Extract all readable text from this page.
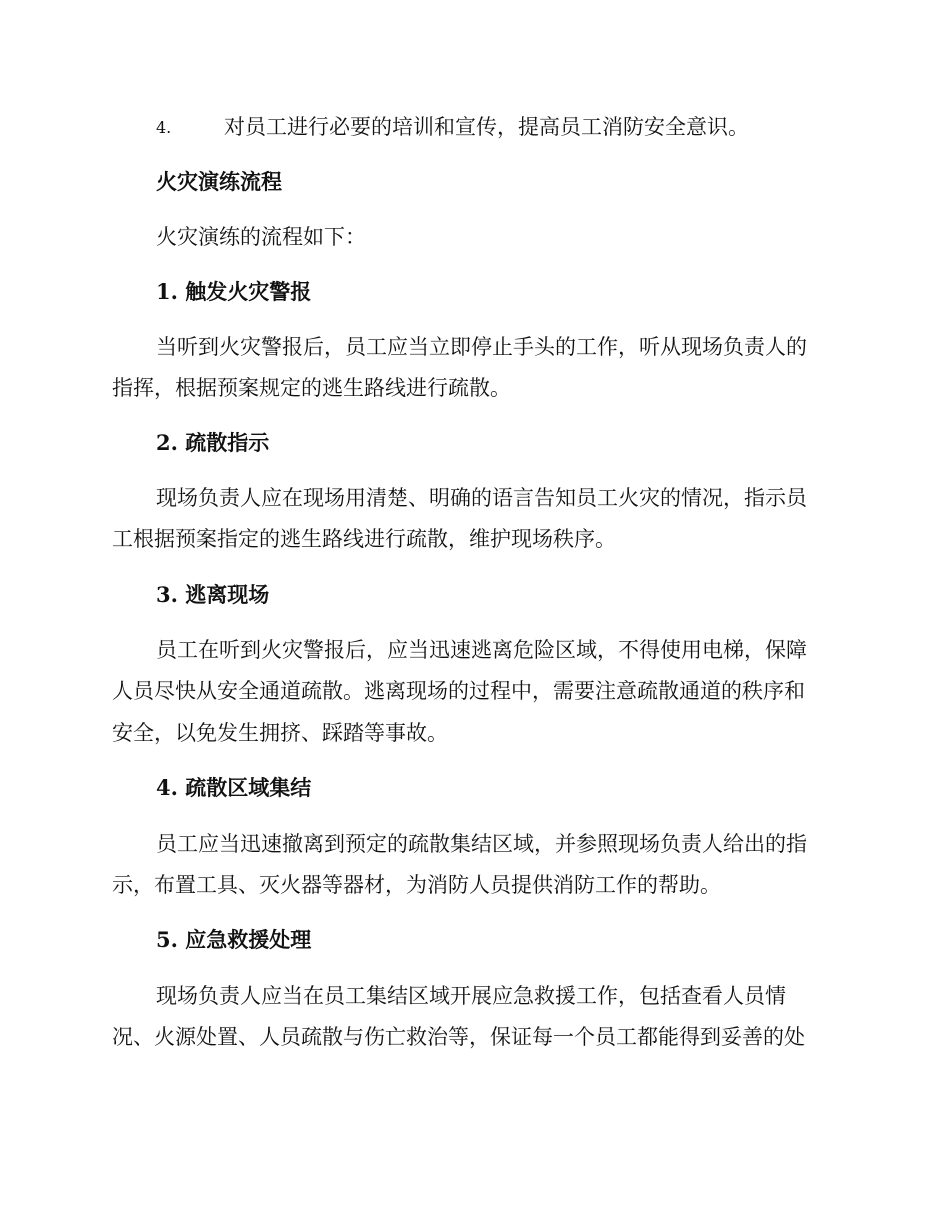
4.	对员工进行必要的培训和宣传，提高员工消防安全意识。
火灾演练流程
火灾演练的流程如下：
1. 触发火灾警报
当听到火灾警报后，员工应当立即停止手头的工作，听从现场负责人的
指挥，根据预案规定的逃生路线进行疏散。
2. 疏散指示
现场负责人应在现场用清楚、明确的语言告知员工火灾的情况，指示员
工根据预案指定的逃生路线进行疏散，维护现场秩序。
3. 逃离现场
员工在听到火灾警报后，应当迅速逃离危险区域，不得使用电梯，保障
人员尽快从安全通道疏散。逃离现场的过程中，需要注意疏散通道的秩序和
安全，以免发生拥挤、踩踏等事故。
4. 疏散区域集结
员工应当迅速撤离到预定的疏散集结区域，并参照现场负责人给出的指
示，布置工具、灭火器等器材，为消防人员提供消防工作的帮助。
5. 应急救援处理
现场负责人应当在员工集结区域开展应急救援工作，包括查看人员情
况、火源处置、人员疏散与伤亡救治等，保证每一个员工都能得到妥善的处
